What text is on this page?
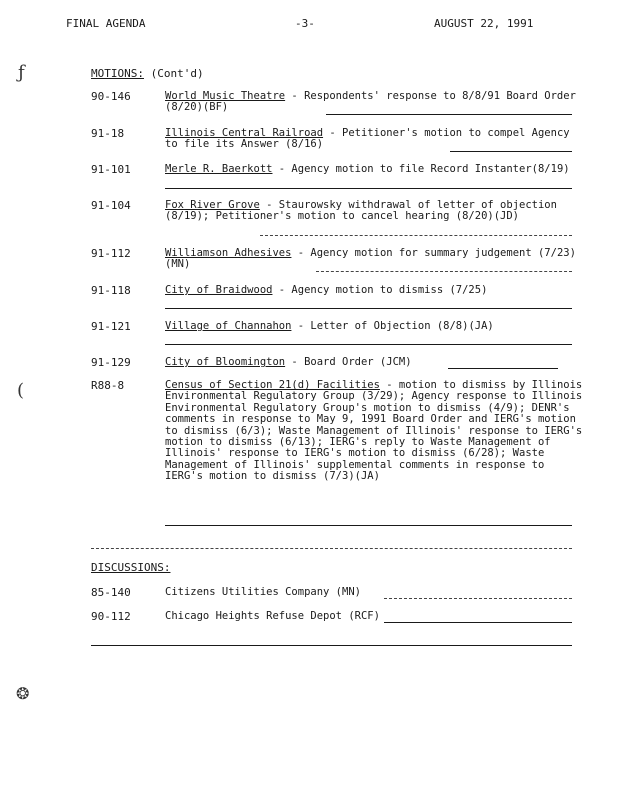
FINAL AGENDA	-3-	AUGUST 22, 1991
ƒ
(
❂
MOTIONS: (Cont'd)
90-146	World Music Theatre - Respondents' response to 8/8/91 Board Order (8/20)(BF)
91-18	Illinois Central Railroad - Petitioner's motion to compel Agency to file its Answer (8/16)
91-101	Merle R. Baerkott - Agency motion to file Record Instanter(8/19)
91-104	Fox River Grove - Staurowsky withdrawal of letter of objection (8/19); Petitioner's motion to cancel hearing (8/20)(JD)
91-112	Williamson Adhesives - Agency motion for summary judgement (7/23)(MN)
91-118	City of Braidwood - Agency motion to dismiss (7/25)
91-121	Village of Channahon - Letter of Objection (8/8)(JA)
91-129	City of Bloomington - Board Order (JCM)
R88-8	Census of Section 21(d) Facilities - motion to dismiss by Illinois Environmental Regulatory Group (3/29); Agency response to Illinois Environmental Regulatory Group's motion to dismiss (4/9); DENR's comments in response to May 9, 1991 Board Order and IERG's motion to dismiss (6/3); Waste Management of Illinois' response to IERG's motion to dismiss (6/13); IERG's reply to Waste Management of Illinois' response to IERG's motion to dismiss (6/28); Waste Management of Illinois' supplemental comments in response to IERG's motion to dismiss (7/3)(JA)
DISCUSSIONS:
85-140	Citizens Utilities Company (MN)
90-112	Chicago Heights Refuse Depot (RCF)
